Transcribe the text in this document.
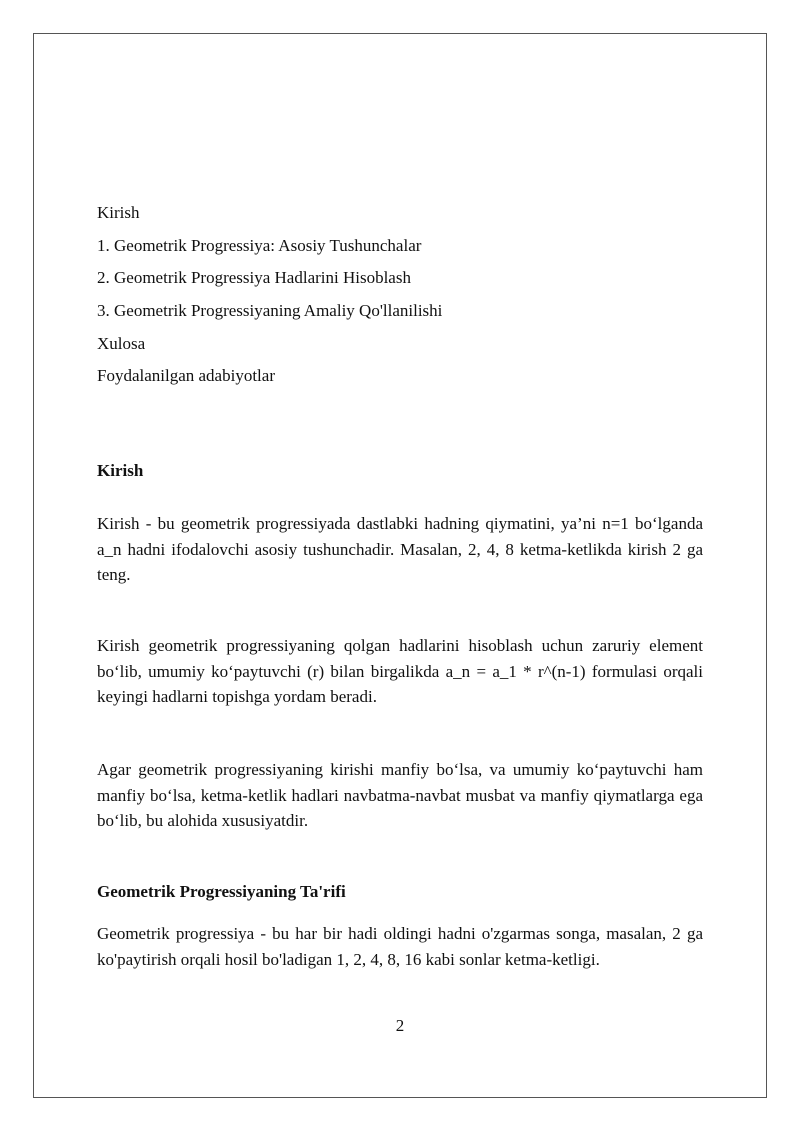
Kirish
1. Geometrik Progressiya: Asosiy Tushunchalar
2. Geometrik Progressiya Hadlarini Hisoblash
3. Geometrik Progressiyaning Amaliy Qo'llanilishi
Xulosa
Foydalanilgan adabiyotlar
Kirish

Kirish - bu geometrik progressiyada dastlabki hadning qiymatini, ya’ni n=1 bo‘lganda a_n hadni ifodalovchi asosiy tushunchadir. Masalan, 2, 4, 8 ketma-ketlikda kirish 2 ga teng.

Kirish geometrik progressiyaning qolgan hadlarini hisoblash uchun zaruriy element bo‘lib, umumiy ko‘paytuvchi (r) bilan birgalikda a_n = a_1 * r^(n-1) formulasi orqali keyingi hadlarni topishga yordam beradi.

Agar geometrik progressiyaning kirishi manfiy bo‘lsa, va umumiy ko‘paytuvchi ham manfiy bo‘lsa, ketma-ketlik hadlari navbatma-navbat musbat va manfiy qiymatlarga ega bo‘lib, bu alohida xususiyatdir.

Geometrik Progressiyaning Ta'rifi

Geometrik progressiya - bu har bir hadi oldingi hadni o'zgarmas songa, masalan, 2 ga ko'paytirish orqali hosil bo'ladigan 1, 2, 4, 8, 16 kabi sonlar ketma-ketligi.

2
